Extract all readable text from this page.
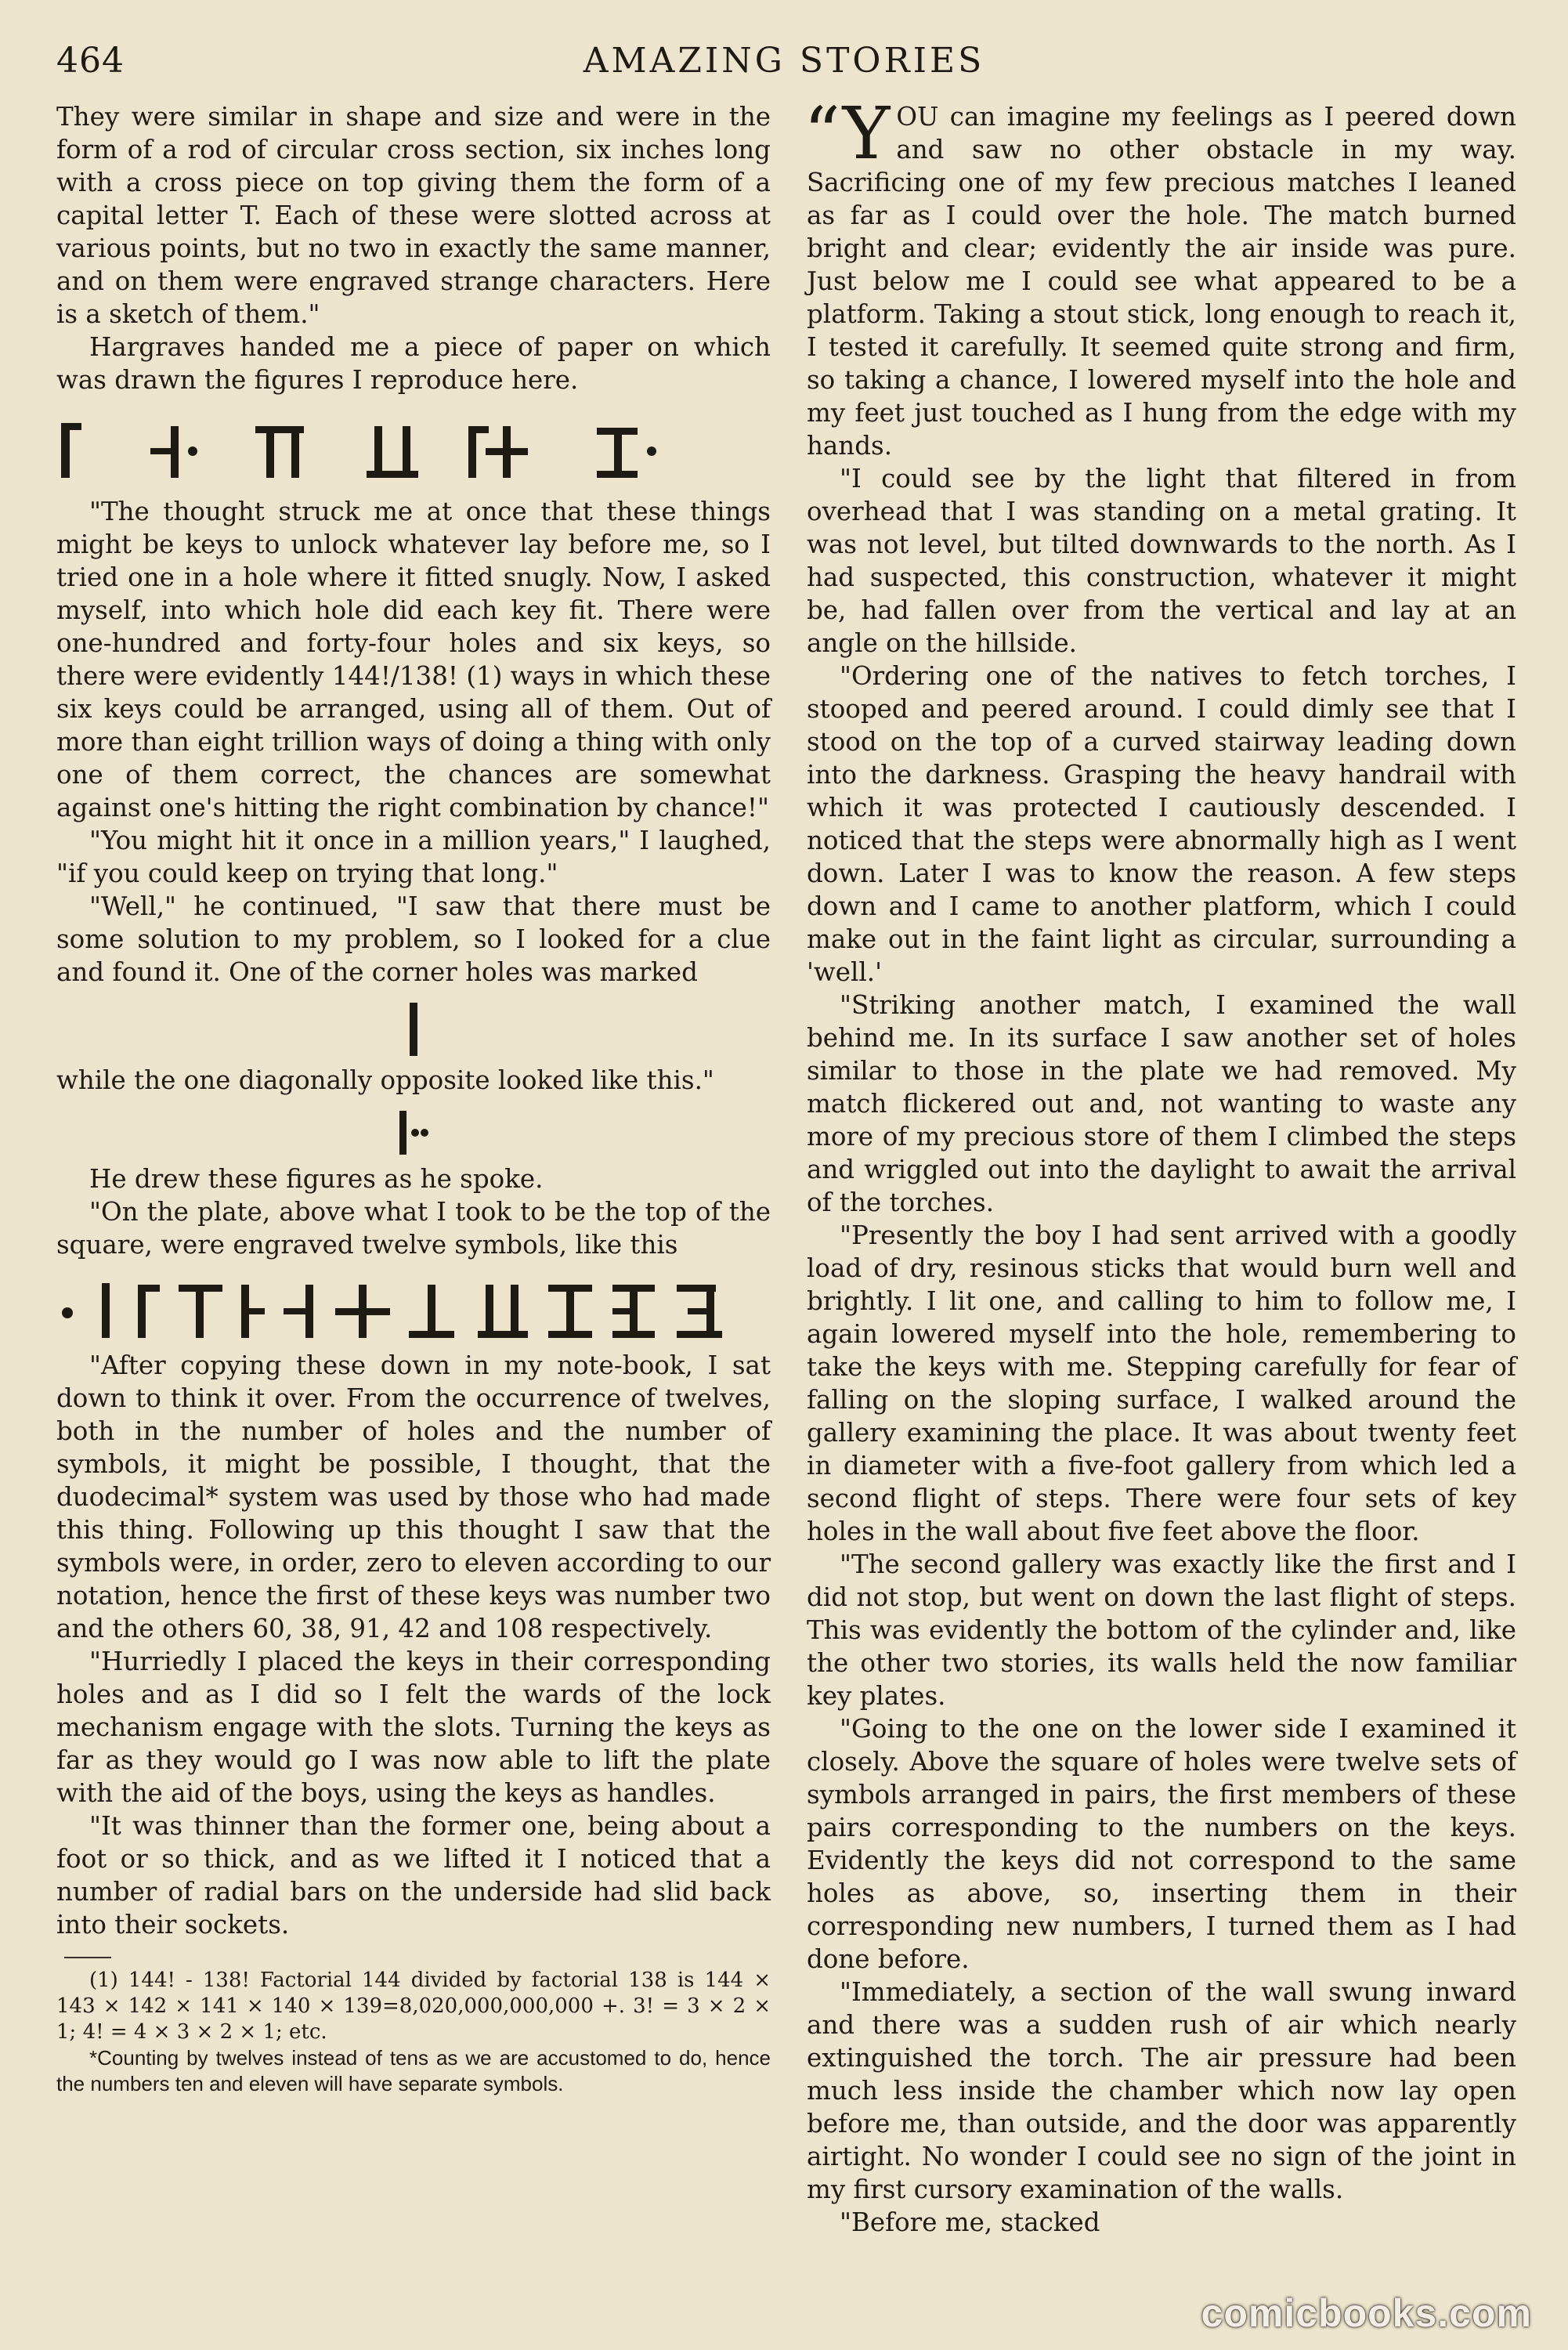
464	AMAZING STORIES

They were similar in shape and size and were in the form of a rod of circular cross section, six inches long with a cross piece on top giving them the form of a capital letter T. Each of these were slotted across at various points, but no two in exactly the same manner, and on them were engraved strange characters. Here is a sketch of them."

Hargraves handed me a piece of paper on which was drawn the figures I reproduce here.

"The thought struck me at once that these things might be keys to unlock whatever lay before me, so I tried one in a hole where it fitted snugly. Now, I asked myself, into which hole did each key fit. There were one-hundred and forty-four holes and six keys, so there were evidently 144!/138! (1) ways in which these six keys could be arranged, using all of them. Out of more than eight trillion ways of doing a thing with only one of them correct, the chances are somewhat against one's hitting the right combination by chance!"

"You might hit it once in a million years," I laughed, "if you could keep on trying that long."

"Well," he continued, "I saw that there must be some solution to my problem, so I looked for a clue and found it. One of the corner holes was marked

while the one diagonally opposite looked like this."

He drew these figures as he spoke.

"On the plate, above what I took to be the top of the square, were engraved twelve symbols, like this

"After copying these down in my note-book, I sat down to think it over. From the occurrence of twelves, both in the number of holes and the number of symbols, it might be possible, I thought, that the duodecimal* system was used by those who had made this thing. Following up this thought I saw that the symbols were, in order, zero to eleven according to our notation, hence the first of these keys was number two and the others 60, 38, 91, 42 and 108 respectively.

"Hurriedly I placed the keys in their corresponding holes and as I did so I felt the wards of the lock mechanism engage with the slots. Turning the keys as far as they would go I was now able to lift the plate with the aid of the boys, using the keys as handles.

"It was thinner than the former one, being about a foot or so thick, and as we lifted it I noticed that a number of radial bars on the underside had slid back into their sockets.

(1) 144! - 138! Factorial 144 divided by factorial 138 is 144 × 143 × 142 × 141 × 140 × 139=8,020,000,000,000 +. 3! = 3 × 2 × 1; 4! = 4 × 3 × 2 × 1; etc.

*Counting by twelves instead of tens as we are accustomed to do, hence the numbers ten and eleven will have separate symbols.

“Y OU can imagine my feelings as I peered down and saw no other obstacle in my way. Sacrificing one of my few precious matches I leaned as far as I could over the hole. The match burned bright and clear; evidently the air inside was pure. Just below me I could see what appeared to be a platform. Taking a stout stick, long enough to reach it, I tested it carefully. It seemed quite strong and firm, so taking a chance, I lowered myself into the hole and my feet just touched as I hung from the edge with my hands.

"I could see by the light that filtered in from overhead that I was standing on a metal grating. It was not level, but tilted downwards to the north. As I had suspected, this construction, whatever it might be, had fallen over from the vertical and lay at an angle on the hillside.

"Ordering one of the natives to fetch torches, I stooped and peered around. I could dimly see that I stood on the top of a curved stairway leading down into the darkness. Grasping the heavy handrail with which it was protected I cautiously descended. I noticed that the steps were abnormally high as I went down. Later I was to know the reason. A few steps down and I came to another platform, which I could make out in the faint light as circular, surrounding a 'well.'

"Striking another match, I examined the wall behind me. In its surface I saw another set of holes similar to those in the plate we had removed. My match flickered out and, not wanting to waste any more of my precious store of them I climbed the steps and wriggled out into the daylight to await the arrival of the torches.

"Presently the boy I had sent arrived with a goodly load of dry, resinous sticks that would burn well and brightly. I lit one, and calling to him to follow me, I again lowered myself into the hole, remembering to take the keys with me. Stepping carefully for fear of falling on the sloping surface, I walked around the gallery examining the place. It was about twenty feet in diameter with a five-foot gallery from which led a second flight of steps. There were four sets of key holes in the wall about five feet above the floor.

"The second gallery was exactly like the first and I did not stop, but went on down the last flight of steps. This was evidently the bottom of the cylinder and, like the other two stories, its walls held the now familiar key plates.

"Going to the one on the lower side I examined it closely. Above the square of holes were twelve sets of symbols arranged in pairs, the first members of these pairs corresponding to the numbers on the keys. Evidently the keys did not correspond to the same holes as above, so, inserting them in their corresponding new numbers, I turned them as I had done before.

"Immediately, a section of the wall swung inward and there was a sudden rush of air which nearly extinguished the torch. The air pressure had been much less inside the chamber which now lay open before me, than outside, and the door was apparently airtight. No wonder I could see no sign of the joint in my first cursory examination of the walls.

"Before me, stacked

comicbooks.com
